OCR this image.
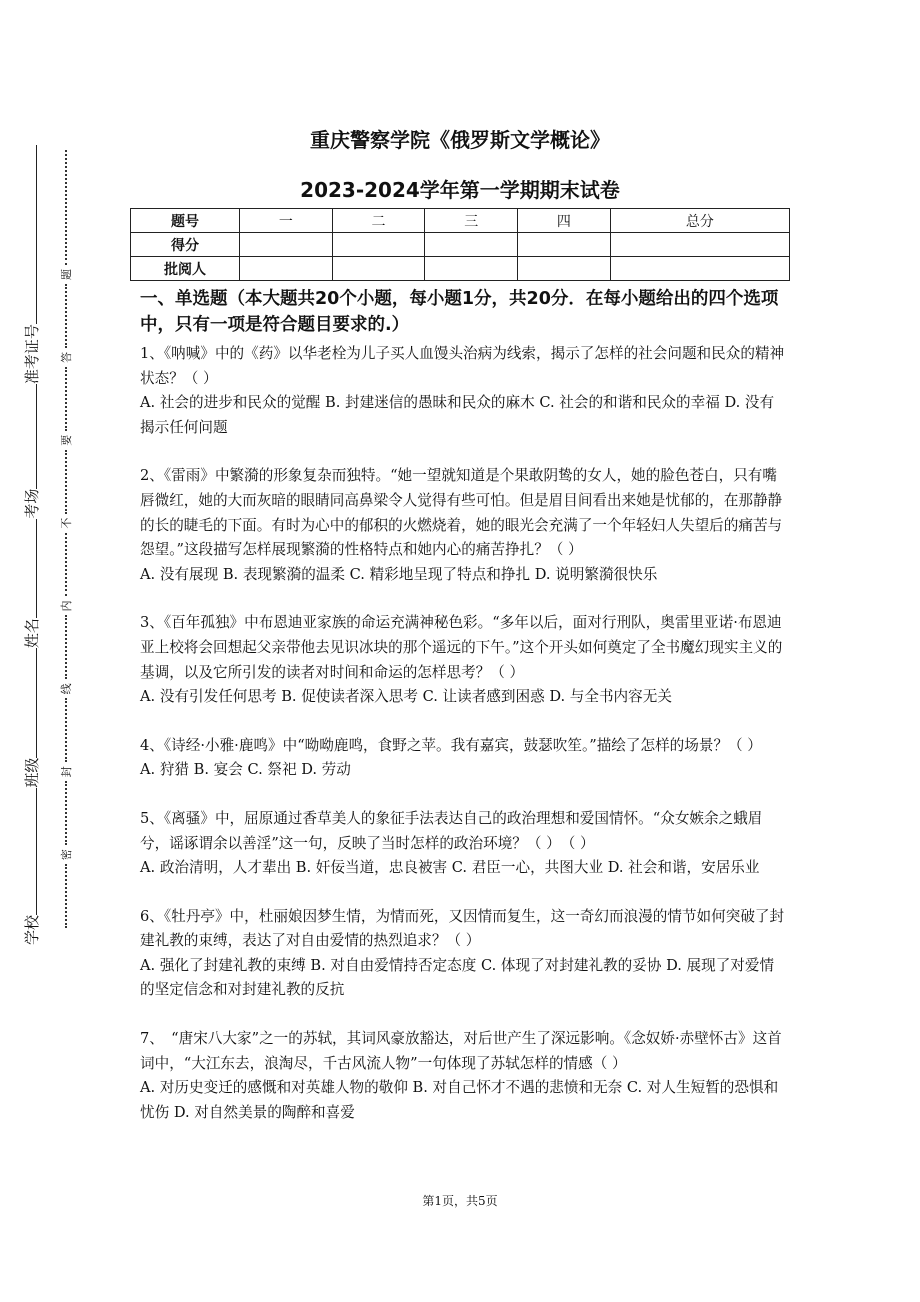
学校
班级
姓名
考场
准考证号
密
封
线
内
不
要
答
题
重庆警察学院《俄罗斯文学概论》
2023-2024学年第一学期期末试卷
题号	一	二	三	四	总分
得分					
批阅人					
一、单选题（本大题共20个小题，每小题1分，共20分．在每小题给出的四个选项中，只有一项是符合题目要求的.）

1、《呐喊》中的《药》以华老栓为儿子买人血馒头治病为线索，揭示了怎样的社会问题和民众的精神状态？（ ）

A. 社会的进步和民众的觉醒 B. 封建迷信的愚昧和民众的麻木 C. 社会的和谐和民众的幸福 D. 没有揭示任何问题

2、《雷雨》中繁漪的形象复杂而独特。“她一望就知道是个果敢阴鸷的女人，她的脸色苍白，只有嘴唇微红，她的大而灰暗的眼睛同高鼻梁令人觉得有些可怕。但是眉目间看出来她是忧郁的，在那静静的长的睫毛的下面。有时为心中的郁积的火燃烧着，她的眼光会充满了一个年轻妇人失望后的痛苦与怨望。”这段描写怎样展现繁漪的性格特点和她内心的痛苦挣扎？（ ）

A. 没有展现 B. 表现繁漪的温柔 C. 精彩地呈现了特点和挣扎 D. 说明繁漪很快乐

3、《百年孤独》中布恩迪亚家族的命运充满神秘色彩。“多年以后，面对行刑队，奥雷里亚诺·布恩迪亚上校将会回想起父亲带他去见识冰块的那个遥远的下午。”这个开头如何奠定了全书魔幻现实主义的基调，以及它所引发的读者对时间和命运的怎样思考？（ ）

A. 没有引发任何思考 B. 促使读者深入思考 C. 让读者感到困惑 D. 与全书内容无关

4、《诗经·小雅·鹿鸣》中“呦呦鹿鸣，食野之苹。我有嘉宾，鼓瑟吹笙。”描绘了怎样的场景？（ ）

A. 狩猎 B. 宴会 C. 祭祀 D. 劳动

5、《离骚》中，屈原通过香草美人的象征手法表达自己的政治理想和爱国情怀。“众女嫉余之蛾眉兮，谣诼谓余以善淫”这一句，反映了当时怎样的政治环境？（ ）　（ ）

A. 政治清明，人才辈出 B. 奸佞当道，忠良被害 C. 君臣一心，共图大业 D. 社会和谐，安居乐业

6、《牡丹亭》中，杜丽娘因梦生情，为情而死，又因情而复生，这一奇幻而浪漫的情节如何突破了封建礼教的束缚，表达了对自由爱情的热烈追求？（ ）

A. 强化了封建礼教的束缚 B. 对自由爱情持否定态度 C. 体现了对封建礼教的妥协 D. 展现了对爱情的坚定信念和对封建礼教的反抗

7、　“唐宋八大家”之一的苏轼，其词风豪放豁达，对后世产生了深远影响。《念奴娇·赤壁怀古》这首词中，“大江东去，浪淘尽，千古风流人物”一句体现了苏轼怎样的情感（ ）

A. 对历史变迁的感慨和对英雄人物的敬仰 B. 对自己怀才不遇的悲愤和无奈 C. 对人生短暂的恐惧和忧伤 D. 对自然美景的陶醉和喜爱

第1页，共5页
